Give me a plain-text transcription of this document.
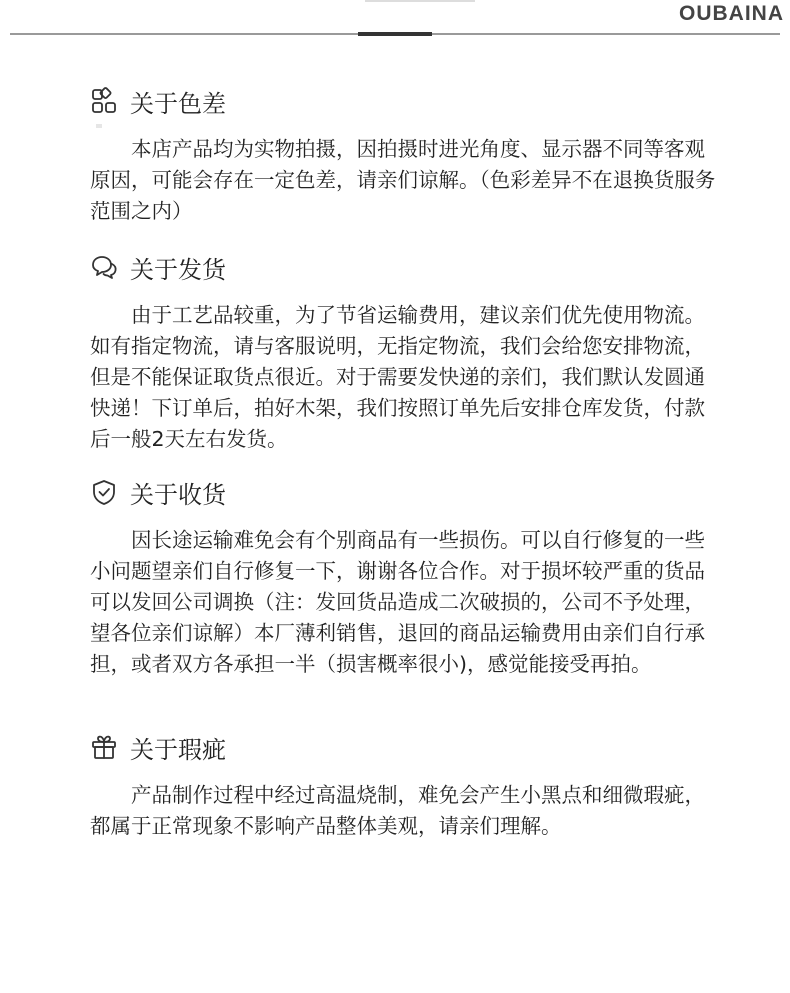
OUBAINA
关于色差
本店产品均为实物拍摄，因拍摄时进光角度、显示器不同等客观原因，可能会存在一定色差，请亲们谅解。（色彩差异不在退换货服务范围之内）
关于发货
由于工艺品较重，为了节省运输费用，建议亲们优先使用物流。如有指定物流，请与客服说明，无指定物流，我们会给您安排物流，但是不能保证取货点很近。对于需要发快递的亲们，我们默认发圆通快递！下订单后，拍好木架，我们按照订单先后安排仓库发货，付款后一般2天左右发货。
关于收货
因长途运输难免会有个别商品有一些损伤。可以自行修复的一些小问题望亲们自行修复一下，谢谢各位合作。对于损坏较严重的货品可以发回公司调换（注：发回货品造成二次破损的，公司不予处理，望各位亲们谅解）本厂薄利销售，退回的商品运输费用由亲们自行承担，或者双方各承担一半（损害概率很小)，感觉能接受再拍。
关于瑕疵
产品制作过程中经过高温烧制，难免会产生小黑点和细微瑕疵，都属于正常现象不影响产品整体美观，请亲们理解。
